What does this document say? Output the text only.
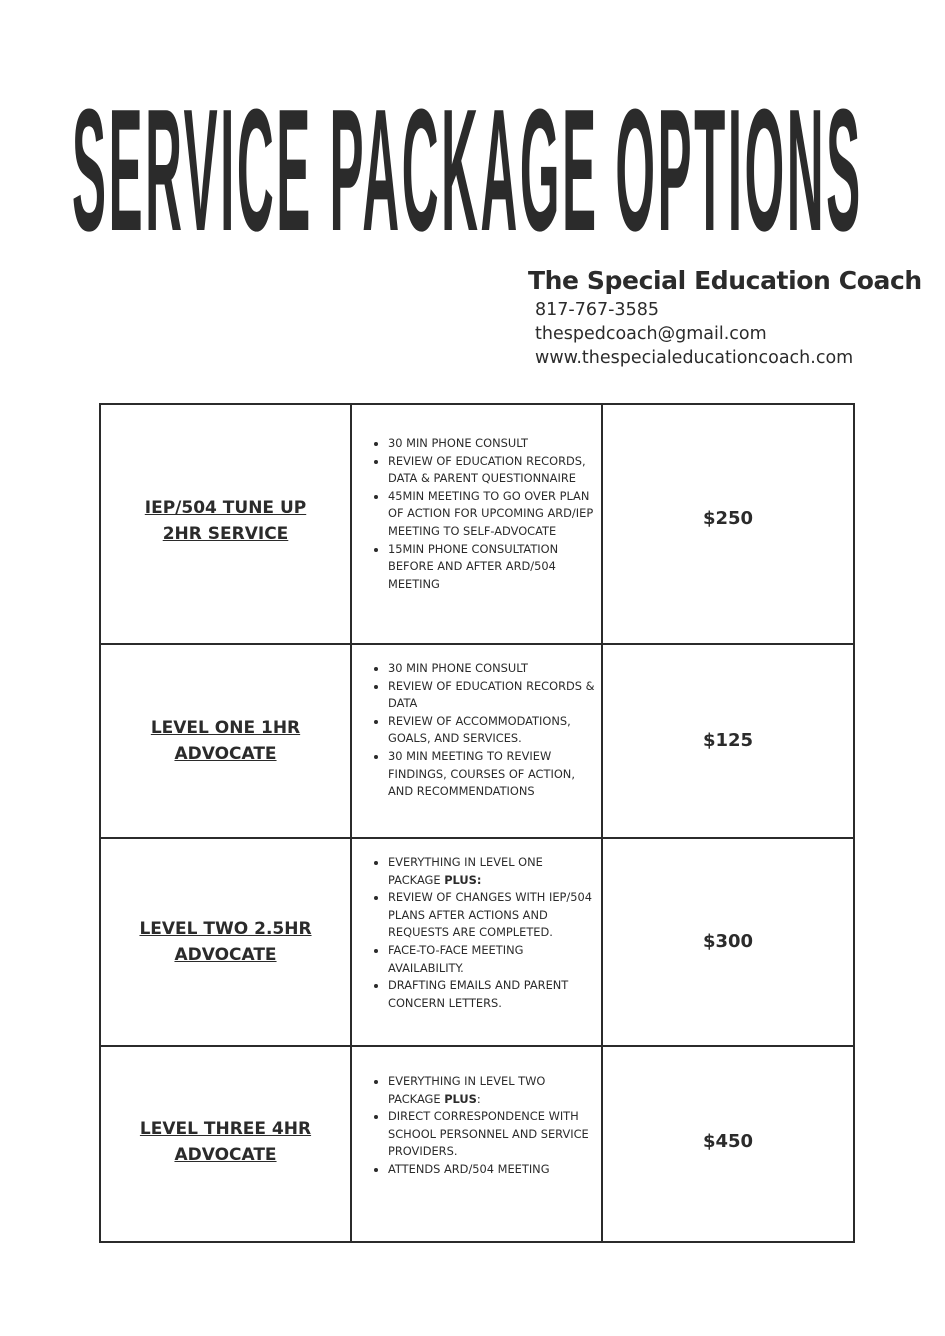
SERVICE PACKAGE OPTIONS
The Special Education Coach
817-767-3585
thespedcoach@gmail.com
www.thespecialeducationcoach.com
IEP/504 TUNE UP
2HR SERVICE
30 MIN PHONE CONSULT
REVIEW OF EDUCATION RECORDS, DATA & PARENT QUESTIONNAIRE
45MIN MEETING TO GO OVER PLAN OF ACTION FOR UPCOMING ARD/IEP MEETING TO SELF-ADVOCATE
15MIN PHONE CONSULTATION BEFORE AND AFTER ARD/504 MEETING
$250
LEVEL ONE 1HR
ADVOCATE
30 MIN PHONE CONSULT
REVIEW OF EDUCATION RECORDS & DATA
REVIEW OF ACCOMMODATIONS, GOALS, AND SERVICES.
30 MIN MEETING TO REVIEW FINDINGS, COURSES OF ACTION, AND RECOMMENDATIONS
$125
LEVEL TWO 2.5HR
ADVOCATE
EVERYTHING IN LEVEL ONE PACKAGE PLUS:
REVIEW OF CHANGES WITH IEP/504 PLANS AFTER ACTIONS AND REQUESTS ARE COMPLETED.
FACE-TO-FACE MEETING AVAILABILITY.
DRAFTING EMAILS AND PARENT CONCERN LETTERS.
$300
LEVEL THREE 4HR
ADVOCATE
EVERYTHING IN LEVEL TWO PACKAGE PLUS:
DIRECT CORRESPONDENCE WITH SCHOOL PERSONNEL AND SERVICE PROVIDERS.
ATTENDS ARD/504 MEETING
$450
